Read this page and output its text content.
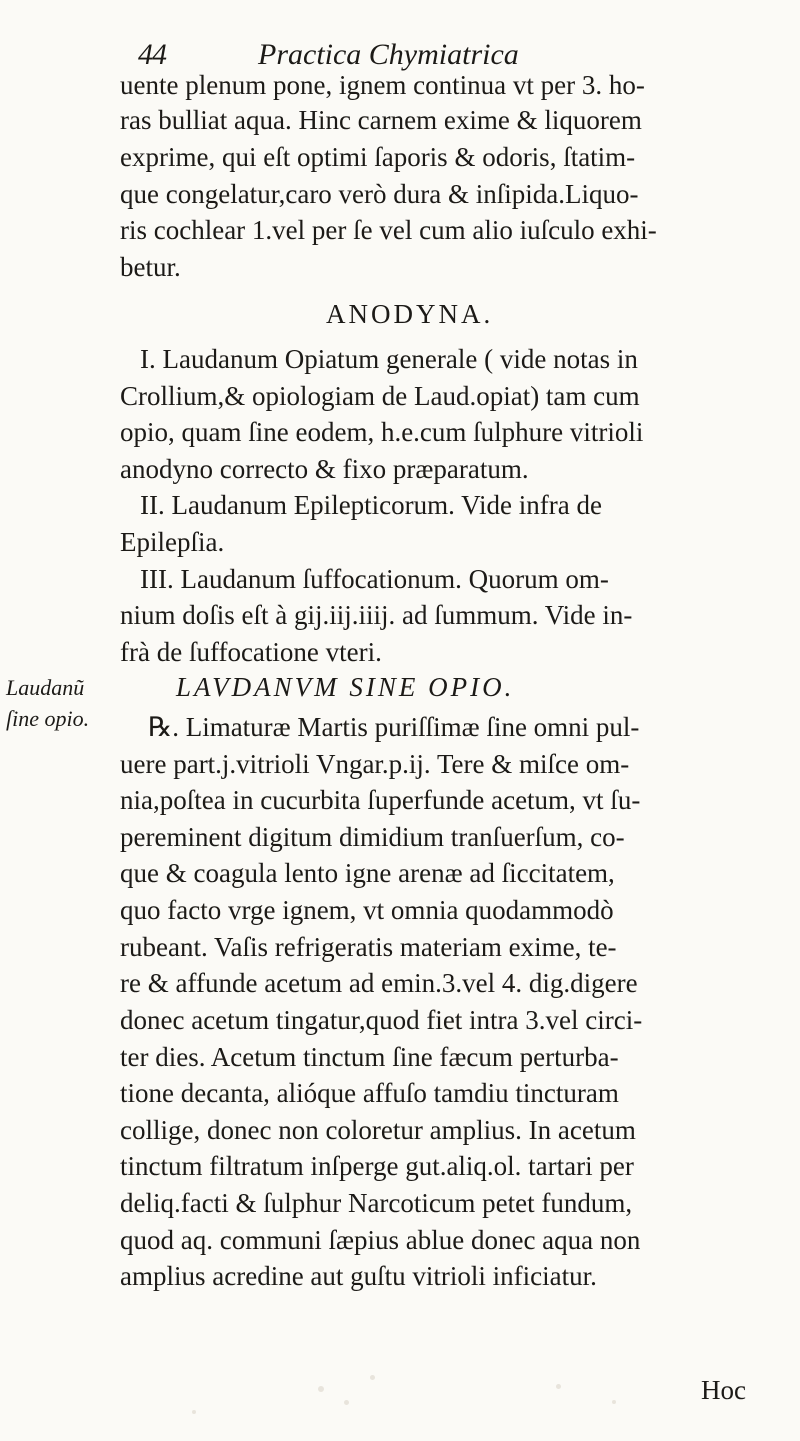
44	Practica Chymiatrica
uente plenum pone, ignem continua vt per 3. ho-
ras bulliat aqua. Hinc carnem exime & liquorem
exprime, qui eſt optimi ſaporis & odoris, ſtatim-
que congelatur,caro verò dura & inſipida.Liquo-
ris cochlear 1.vel per ſe vel cum alio iuſculo exhi-
betur.
ANODYNA.
I. Laudanum Opiatum generale ( vide notas in
Crollium,& opiologiam de Laud.opiat) tam cum
opio, quam ſine eodem, h.e.cum ſulphure vitrioli
anodyno correcto & fixo præparatum.
II. Laudanum Epilepticorum. Vide infra de
Epilepſia.
III. Laudanum ſuffocationum. Quorum om-
nium doſis eſt à gij.iij.iiij. ad ſummum. Vide in-
frà de ſuffocatione vteri.
LAVDANVM SINE OPIO.
℞. Limaturæ Martis puriſſimæ ſine omni pul-
uere part.j.vitrioli Vngar.p.ij. Tere & miſce om-
nia,poſtea in cucurbita ſuperfunde acetum, vt ſu-
pereminent digitum dimidium tranſuerſum, co-
que & coagula lento igne arenæ ad ſiccitatem,
quo facto vrge ignem, vt omnia quodammodò
rubeant. Vaſis refrigeratis materiam exime, te-
re & affunde acetum ad emin.3.vel 4. dig.digere
donec acetum tingatur,quod fiet intra 3.vel circi-
ter dies. Acetum tinctum ſine fæcum perturba-
tione decanta, alióque affuſo tamdiu tincturam
collige, donec non coloretur amplius. In acetum
tinctum filtratum inſperge gut.aliq.ol. tartari per
deliq.facti & ſulphur Narcoticum petet fundum,
quod aq. communi ſæpius ablue donec aqua non
amplius acredine aut guſtu vitrioli inficiatur.
Laudanũ
ſine opio.
Hoc
